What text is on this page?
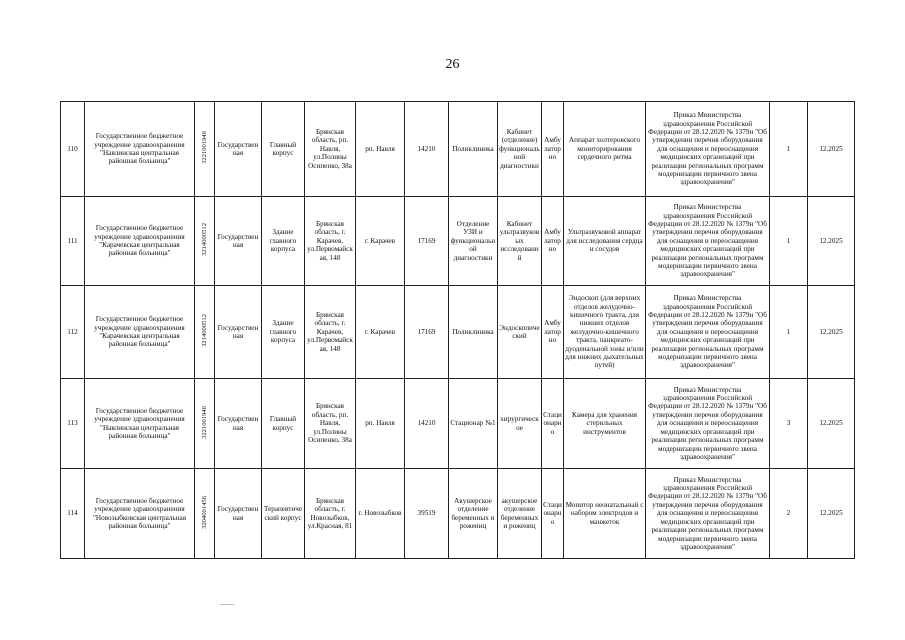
26
110	Государственное бюджетное учреждение здравоохранения "Навлинская центральная районная больница"	3221001946	Государственная	Главный корпус	Брянская область, рп. Навля, ул.Полины Осипенко, 38а	рп. Навля	14210	Поликлиника	Кабинет (отделение) функциональной диагностики	Амбулаторно	Аппарат холтеровского мониторирования сердечного ритма	Приказ Министерства здравоохранения Российской Федерации от 28.12.2020 № 1379н "Об утверждении перечня оборудования для оснащения и переоснащения медицинских организаций при реализации региональных программ модернизации первичного звена здравоохранения"	1	12.2025
111	Государственное бюджетное учреждение здравоохранения "Карачевская центральная районная больница"	3214000512	Государственная	Здание главного корпуса	Брянская область, г. Карачев, ул.Первомайская, 148	г. Карачев	17169	Отделение УЗИ и функциональной диагностики	Кабинет ультразвуковых исследований	Амбулаторно	Ультразвуковой аппарат для исследования сердца и сосудов	Приказ Министерства здравоохранения Российской Федерации от 28.12.2020 № 1379н "Об утверждении перечня оборудования для оснащения и переоснащения медицинских организаций при реализации региональных программ модернизации первичного звена здравоохранения"	1	12.2025
112	Государственное бюджетное учреждение здравоохранения "Карачевская центральная районная больница"	3214000512	Государственная	Здание главного корпуса	Брянская область, г. Карачев, ул.Первомайская, 148	г. Карачев	17169	Поликлиника	Эндоскопический	Амбулаторно	Эндоскоп (для верхних отделов желудочно-кишечного тракта, для нижних отделов желудочно-кишечного тракта, панкреато-дуоденальной зоны и/или для нижних дыхательных путей)	Приказ Министерства здравоохранения Российской Федерации от 28.12.2020 № 1379н "Об утверждении перечня оборудования для оснащения и переоснащения медицинских организаций при реализации региональных программ модернизации первичного звена здравоохранения"	1	12.2025
113	Государственное бюджетное учреждение здравоохранения "Навлинская центральная районная больница"	3221001946	Государственная	Главный корпус	Брянская область, рп. Навля, ул.Полины Осипенко, 38а	рп. Навля	14210	Стационар №1	хирургическое	Стационарно	Камера для хранения стерильных инструментов	Приказ Министерства здравоохранения Российской Федерации от 28.12.2020 № 1379н "Об утверждении перечня оборудования для оснащения и переоснащения медицинских организаций при реализации региональных программ модернизации первичного звена здравоохранения"	3	12.2025
114	Государственное бюджетное учреждение здравоохранения "Новозыбковская центральная районная больница"	3204001456	Государственная	Терапевтический корпус	Брянская область, г. Новозыбков, ул.Красная, 81	г. Новозыбков	39519	Акушерское отделение беременных и рожениц	акушерское отделение беременных и рожениц	Стационарно	Монитор неонатальный с набором электродов и манжеток	Приказ Министерства здравоохранения Российской Федерации от 28.12.2020 № 1379н "Об утверждении перечня оборудования для оснащения и переоснащения медицинских организаций при реализации региональных программ модернизации первичного звена здравоохранения"	2	12.2025
